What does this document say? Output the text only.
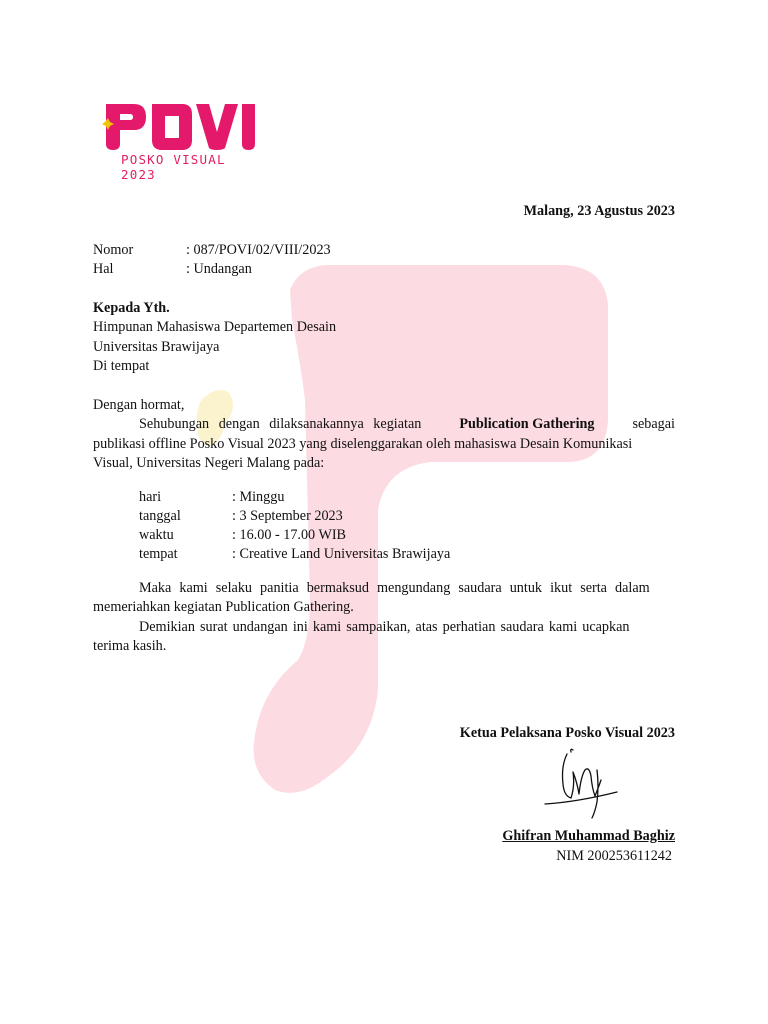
POSKO VISUAL 2023
Malang, 23 Agustus 2023
Nomor	: 087/POVI/02/VIII/2023
Hal	: Undangan
Kepada Yth.
Himpunan Mahasiswa Departemen Desain
Universitas Brawijaya
Di tempat
Dengan hormat,
Sehubungan dengan dilaksanakannya kegiatan	Publication Gathering	sebagai
publikasi offline Posko Visual 2023 yang diselenggarakan oleh mahasiswa Desain Komunikasi
Visual, Universitas Negeri Malang pada:
hari	: Minggu
tanggal	: 3 September 2023
waktu	: 16.00 - 17.00 WIB
tempat	: Creative Land Universitas Brawijaya
Maka kami selaku panitia bermaksud mengundang saudara untuk ikut serta dalam
memeriahkan kegiatan Publication Gathering.
Demikian surat undangan ini kami sampaikan, atas perhatian saudara kami ucapkan
terima kasih.
Ketua Pelaksana Posko Visual 2023
Ghifran Muhammad Baghiz
NIM 200253611242
